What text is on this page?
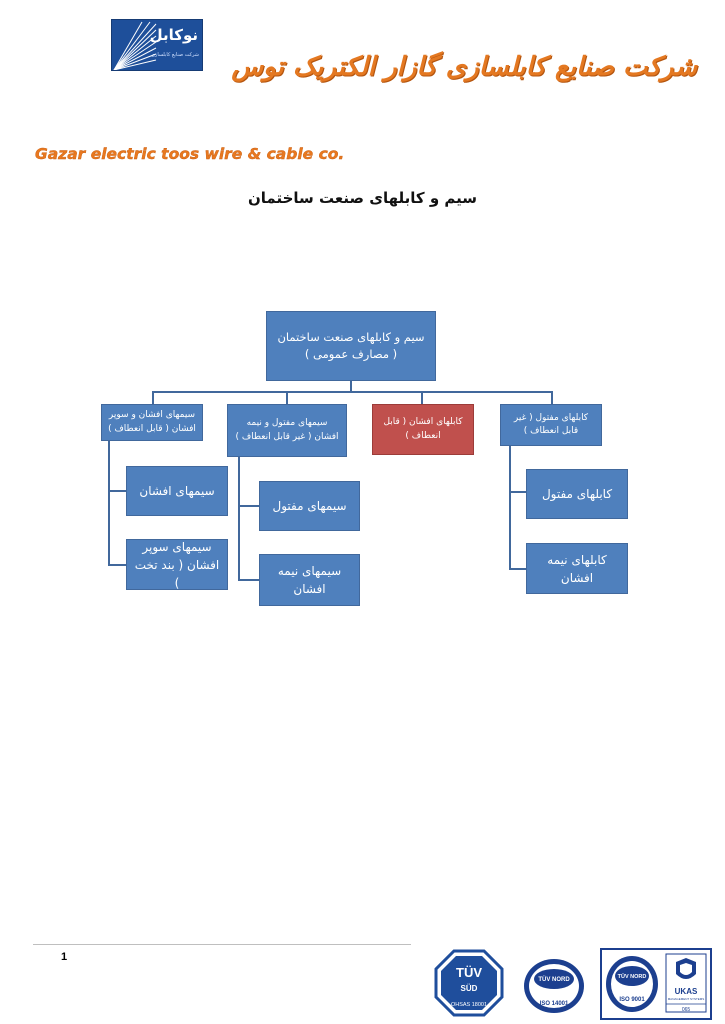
نوکابل
شرکت صنایع کابلسازی شرکت صنایع کابلسازی گازار الکتریک توس
Gazar electric toos wire & cable co.
سیم و کابلهای صنعت ساختمان
سیم و کابلهای صنعت ساختمان
( مصارف عمومی )
کابلهای مفتول ( غیر
قابل انعطاف )
کابلهای افشان ( قابل
انعطاف )
سیمهای مفتول و نیمه
افشان ( غیر قابل انعطاف )
سیمهای افشان و سوپر
افشان ( قابل انعطاف )
کابلهای مفتول
کابلهای نیمه
افشان
سیمهای مفتول
سیمهای نیمه
افشان
سیمهای افشان
سیمهای سوپر
افشان ( بند تخت )
1
TÜV
SÜD
OHSAS 18001
TÜV NORD
ISO 14001
TÜV NORD
ISO 9001
UKAS
MANAGEMENT SYSTEMS
065
